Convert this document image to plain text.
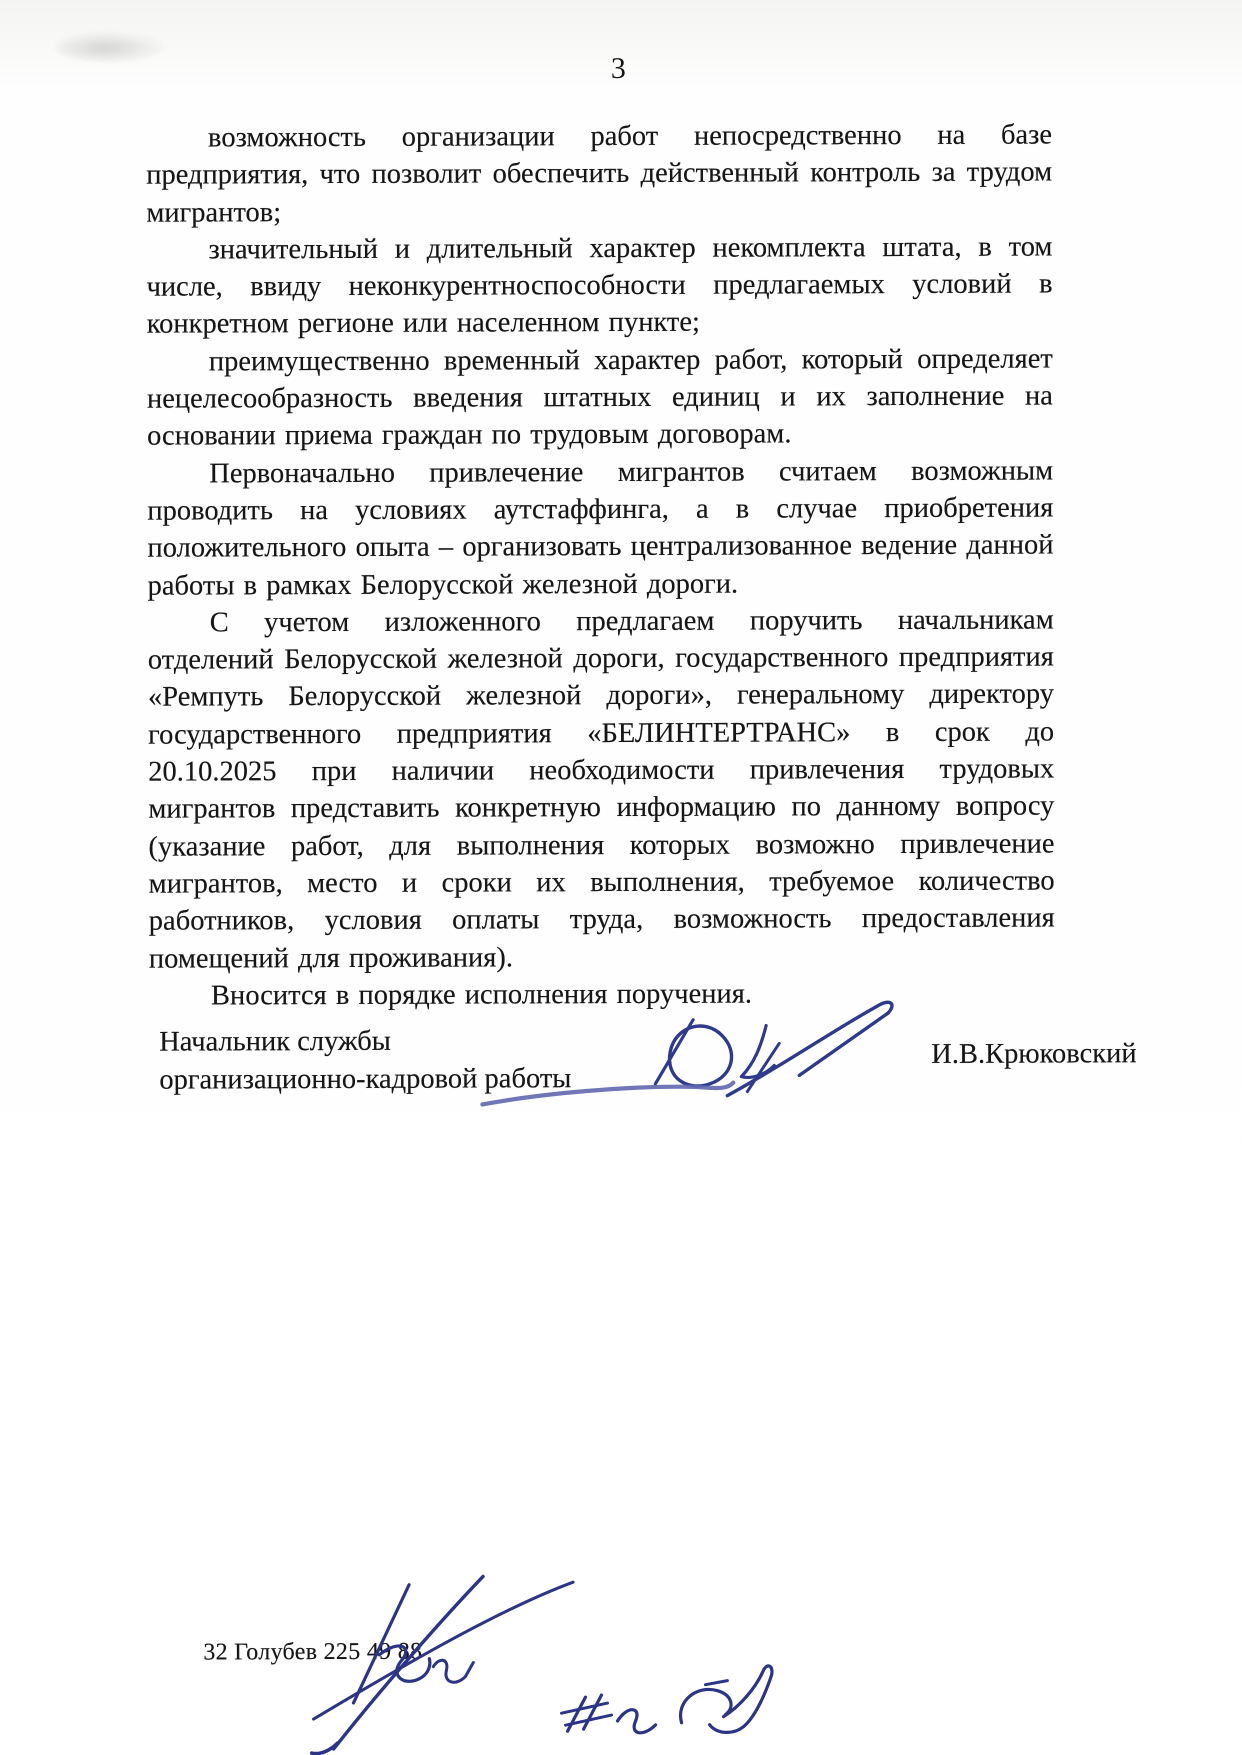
3

возможность организации работ непосредственно на базе предприятия, что позволит обеспечить действенный контроль за трудом мигрантов;

значительный и длительный характер некомплекта штата, в том числе, ввиду неконкурентноспособности предлагаемых условий в конкретном регионе или населенном пункте;

преимущественно временный характер работ, который определяет нецелесообразность введения штатных единиц и их заполнение на основании приема граждан по трудовым договорам.

Первоначально привлечение мигрантов считаем возможным проводить на условиях аутстаффинга, а в случае приобретения положительного опыта – организовать централизованное ведение данной работы в рамках Белорусской железной дороги.

С учетом изложенного предлагаем поручить начальникам отделений Белорусской железной дороги, государственного предприятия «Ремпуть Белорусской железной дороги», генеральному директору государственного предприятия «БЕЛИНТЕРТРАНС» в срок до 20.10.2025 при наличии необходимости привлечения трудовых мигрантов представить конкретную информацию по данному вопросу (указание работ, для выполнения которых возможно привлечение мигрантов, место и сроки их выполнения, требуемое количество работников, условия оплаты труда, возможность предоставления помещений для проживания).

Вносится в порядке исполнения поручения.

Начальник службы
организационно-кадровой работы
И.В.Крюковский
32 Голубев 225 49 88
